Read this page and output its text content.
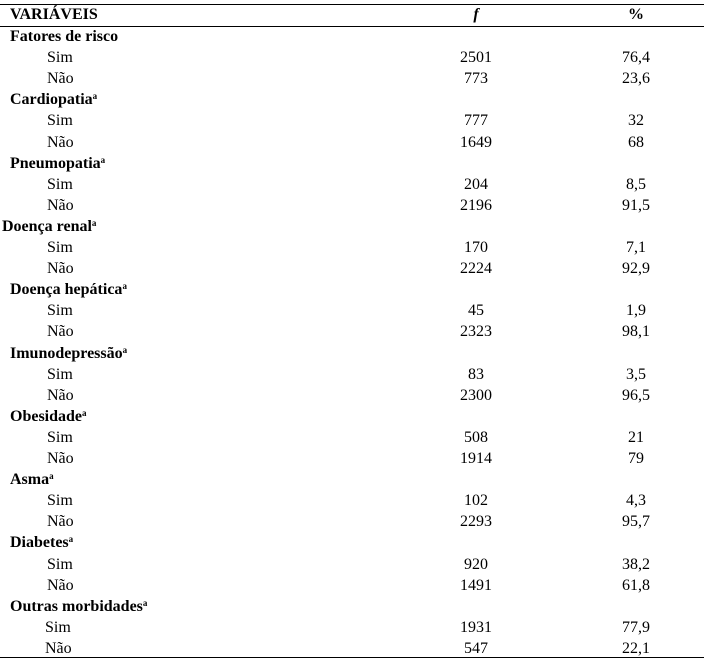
VARIÁVEIS	f	%
Fatores de risco
Sim	2501	76,4
Não	773	23,6
Cardiopatia$^a$
Sim	777	32
Não	1649	68
Pneumopatia$^a$
Sim	204	8,5
Não	2196	91,5
Doença renal$^a$
Sim	170	7,1
Não	2224	92,9
Doença hepática$^a$
Sim	45	1,9
Não	2323	98,1
Imunodepressão$^a$
Sim	83	3,5
Não	2300	96,5
Obesidade$^a$
Sim	508	21
Não	1914	79
Asma$^a$
Sim	102	4,3
Não	2293	95,7
Diabetes$^a$
Sim	920	38,2
Não	1491	61,8
Outras morbidades$^a$
Sim	1931	77,9
Não	547	22,1
